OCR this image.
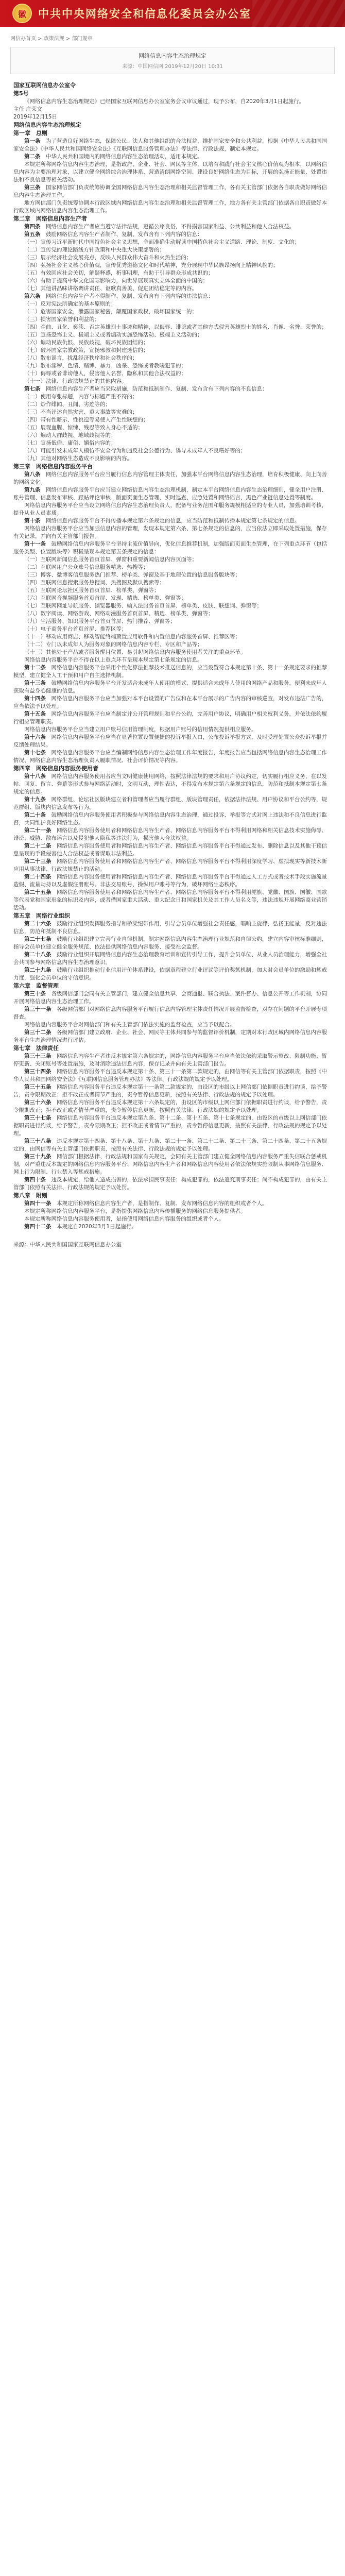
徽	中共中央网络安全和信息化委员会办公室
网信办首页 > 政策法规 > 部门规章
网络信息内容生态治理规定
来源：中国网信网 2019年12月20日 10:31

国家互联网信息办公室令

第5号

《网络信息内容生态治理规定》已经国家互联网信息办公室室务会议审议通过，现予公布，自2020年3月1日起施行。

主任 庄荣文

2019年12月15日

网络信息内容生态治理规定

第一章　总则

第一条　 为了营造良好网络生态，保障公民、法人和其他组织的合法权益，维护国家安全和公共利益，根据《中华人民共和国国家安全法》《中华人民共和国网络安全法》《互联网信息服务管理办法》等法律、行政法规，制定本规定。

第二条　 中华人民共和国境内的网络信息内容生态治理活动，适用本规定。

本规定所称网络信息内容生态治理，是指政府、企业、社会、网民等主体，以培育和践行社会主义核心价值观为根本，以网络信息内容为主要治理对象，以建立健全网络综合治理体系、营造清朗网络空间、建设良好网络生态为目标，开展的弘扬正能量、处置违法和不良信息等相关活动。

第三条　 国家网信部门负责统筹协调全国网络信息内容生态治理和相关监督管理工作，各有关主管部门依据各自职责做好网络信息内容生态治理工作。

地方网信部门负责统筹协调本行政区域内网络信息内容生态治理和相关监督管理工作，地方各有关主管部门依据各自职责做好本行政区域内网络信息内容生态治理工作。

第二章　网络信息内容生产者

第四条　 网络信息内容生产者应当遵守法律法规，遵循公序良俗，不得损害国家利益、公共利益和他人合法权益。

第五条　 鼓励网络信息内容生产者制作、复制、发布含有下列内容的信息：

（一）宣传习近平新时代中国特色社会主义思想，全面准确生动解读中国特色社会主义道路、理论、制度、文化的；

（二）宣传党的理论路线方针政策和中央重大决策部署的；

（三）展示经济社会发展亮点，反映人民群众伟大奋斗和火热生活的；

（四）弘扬社会主义核心价值观，宣传优秀道德文化和时代精神，充分展现中华民族昂扬向上精神风貌的；

（五）有效回应社会关切，解疑释惑，析事明理，有助于引导群众形成共识的；

（六）有助于提高中华文化国际影响力，向世界展现真实立体全面的中国的；

（七）其他讲品味讲格调讲责任、讴歌真善美、促进团结稳定等的内容。

第六条　 网络信息内容生产者不得制作、复制、发布含有下列内容的违法信息：

（一）反对宪法所确定的基本原则的；

（二）危害国家安全，泄露国家秘密，颠覆国家政权，破坏国家统一的；

（三）损害国家荣誉和利益的；

（四）歪曲、丑化、亵渎、否定英雄烈士事迹和精神，以侮辱、诽谤或者其他方式侵害英雄烈士的姓名、肖像、名誉、荣誉的；

（五）宣扬恐怖主义、极端主义或者煽动实施恐怖活动、极端主义活动的；

（六）煽动民族仇恨、民族歧视，破坏民族团结的；

（七）破坏国家宗教政策，宣扬邪教和封建迷信的；

（八）散布谣言，扰乱经济秩序和社会秩序的；

（九）散布淫秽、色情、赌博、暴力、凶杀、恐怖或者教唆犯罪的；

（十）侮辱或者诽谤他人，侵害他人名誉、隐私和其他合法权益的；

（十一）法律、行政法规禁止的其他内容。

第七条　 网络信息内容生产者应当采取措施，防范和抵制制作、复制、发布含有下列内容的不良信息：

（一）使用夸张标题，内容与标题严重不符的；

（二）炒作绯闻、丑闻、劣迹等的；

（三）不当评述自然灾害、重大事故等灾难的；

（四）带有性暗示、性挑逗等易使人产生性联想的；

（五）展现血腥、惊悚、残忍等致人身心不适的；

（六）煽动人群歧视、地域歧视等的；

（七）宣扬低俗、庸俗、媚俗内容的；

（八）可能引发未成年人模仿不安全行为和违反社会公德行为、诱导未成年人不良嗜好等的；

（九）其他对网络生态造成不良影响的内容。

第三章　网络信息内容服务平台

第八条　 网络信息内容服务平台应当履行信息内容管理主体责任，加强本平台网络信息内容生态治理，培育积极健康、向上向善的网络文化。

第九条　 网络信息内容服务平台应当建立网络信息内容生态治理机制，制定本平台网络信息内容生态治理细则，健全用户注册、账号管理、信息发布审核、跟帖评论审核、版面页面生态管理、实时巡查、应急处置和网络谣言、黑色产业链信息处置等制度。

网络信息内容服务平台应当设立网络信息内容生态治理负责人，配备与业务范围和服务规模相适应的专业人员，加强培训考核，提升从业人员素质。

第十条　 网络信息内容服务平台不得传播本规定第六条规定的信息，应当防范和抵制传播本规定第七条规定的信息。

网络信息内容服务平台应当加强信息内容的管理，发现本规定第六条、第七条规定的信息的，应当依法立即采取处置措施，保存有关记录，并向有关主管部门报告。

第十一条　 鼓励网络信息内容服务平台坚持主流价值导向，优化信息推荐机制，加强版面页面生态管理，在下列重点环节（包括服务类型、位置版块等）积极呈现本规定第五条规定的信息：

（一）互联网新闻信息服务首页首屏、弹窗和重要新闻信息内容页面等；

（二）互联网用户公众账号信息服务精选、热搜等；

（三）博客、微博客信息服务热门推荐、榜单类、弹窗及基于地理位置的信息服务版块等；

（四）互联网信息搜索服务热搜词、热搜图及默认搜索等；

（五）互联网论坛社区服务首页首屏、榜单类、弹窗等；

（六）互联网音视频服务首页首屏、发现、精选、榜单类、弹窗等；

（七）互联网网址导航服务、浏览器服务、输入法服务首页首屏、榜单类、皮肤、联想词、弹窗等；

（八）数字阅读、网络游戏、网络动漫服务首页首屏、精选、榜单类、弹窗等；

（九）生活服务、知识服务平台首页首屏、热门推荐、弹窗等；

（十）电子商务平台首页首屏、推荐区等；

（十一）移动应用商店、移动智能终端预置应用软件和内置信息内容服务首屏、推荐区等；

（十二）专门以未成年人为服务对象的网络信息内容专栏、专区和产品等；

（十三）其他处于产品或者服务醒目位置、易引起网络信息内容服务使用者关注的重点环节。

网络信息内容服务平台不得在以上重点环节呈现本规定第七条规定的信息。

第十二条　 网络信息内容服务平台采用个性化算法推荐技术推送信息的，应当设置符合本规定第十条、第十一条规定要求的推荐模型，建立健全人工干预和用户自主选择机制。

第十三条　 鼓励网络信息内容服务平台开发适合未成年人使用的模式，提供适合未成年人使用的网络产品和服务，便利未成年人获取有益身心健康的信息。

第十四条　 网络信息内容服务平台应当加强对本平台设置的广告位和在本平台展示的广告内容的审核巡查，对发布违法广告的，应当依法予以处理。

第十五条　 网络信息内容服务平台应当制定并公开管理规则和平台公约，完善用户协议，明确用户相关权利义务，并依法依约履行相应管理职责。

网络信息内容服务平台应当建立用户账号信用管理制度，根据用户账号的信用情况提供相应服务。

第十六条　 网络信息内容服务平台应当在显著位置设置便捷的投诉举报入口，公布投诉举报方式，及时受理处置公众投诉举报并反馈处理结果。

第十七条　 网络信息内容服务平台应当编制网络信息内容生态治理工作年度报告，年度报告应当包括网络信息内容生态治理工作情况、网络信息内容生态治理负责人履职情况、社会评价情况等内容。

第四章　网络信息内容服务使用者

第十八条　 网络信息内容服务使用者应当文明健康使用网络，按照法律法规的要求和用户协议约定，切实履行相应义务，在以发帖、回复、留言、弹幕等形式参与网络活动时，文明互动，理性表达，不得发布本规定第六条规定的信息，防范和抵制本规定第七条规定的信息。

第十九条　 网络群组、论坛社区版块建立者和管理者应当履行群组、版块管理责任，依据法律法规、用户协议和平台公约等，规范群组、版块内信息发布等行为。

第二十条　 鼓励网络信息内容服务使用者积极参与网络信息内容生态治理，通过投诉、举报等方式对网上违法和不良信息进行监督，共同维护良好网络生态。

第二十一条　 网络信息内容服务使用者和网络信息内容生产者、网络信息内容服务平台不得利用网络和相关信息技术实施侮辱、诽谤、威胁、散布谣言以及侵犯他人隐私等违法行为，损害他人合法权益。

第二十二条　 网络信息内容服务使用者和网络信息内容生产者、网络信息内容服务平台不得通过发布、删除信息以及其他干预信息呈现的手段侵害他人合法权益或者谋取非法利益。

第二十三条　 网络信息内容服务使用者和网络信息内容生产者、网络信息内容服务平台不得利用深度学习、虚拟现实等新技术新应用从事法律、行政法规禁止的活动。

第二十四条　 网络信息内容服务使用者和网络信息内容生产者、网络信息内容服务平台不得通过人工方式或者技术手段实施流量造假、流量劫持以及虚假注册账号、非法交易账号、操纵用户账号等行为，破坏网络生态秩序。

第二十五条　 网络信息内容服务使用者和网络信息内容生产者、网络信息内容服务平台不得利用党旗、党徽、国旗、国徽、国歌等代表党和国家形象的标识及内容，或者借国家重大活动、重大纪念日和国家机关及其工作人员名义等，违法违规开展网络商业营销活动。

第五章　网络行业组织

第二十六条　 鼓励行业组织发挥服务指导和桥梁纽带作用，引导会员单位增强社会责任感，唱响主旋律，弘扬正能量，反对违法信息，防范和抵制不良信息。

第二十七条　 鼓励行业组织建立完善行业自律机制，制定网络信息内容生态治理行业规范和自律公约，建立内容审核标准细则，指导会员单位建立健全服务规范、依法提供网络信息内容服务、接受社会监督。

第二十八条　 鼓励行业组织开展网络信息内容生态治理教育培训和宣传引导工作，提升会员单位、从业人员治理能力，增强全社会共同参与网络信息内容生态治理意识。

第二十九条　 鼓励行业组织推动行业信用评价体系建设，依据章程建立行业评议等评价奖惩机制，加大对会员单位的激励和惩戒力度，强化会员单位的守信意识。

第六章　监督管理

第三十条　 各级网信部门会同有关主管部门，建立健全信息共享、会商通报、联合执法、案件督办、信息公开等工作机制，协同开展网络信息内容生态治理工作。

第三十一条　 各级网信部门对网络信息内容服务平台履行信息内容管理主体责任情况开展监督检查，对存在问题的平台开展专项督查。

网络信息内容服务平台对网信部门和有关主管部门依法实施的监督检查，应当予以配合。

第三十二条　 各级网信部门建立政府、企业、社会、网民等主体共同参与的监督评价机制，定期对本行政区域内网络信息内容服务平台生态治理情况进行评估。

第七章　法律责任

第三十三条　 网络信息内容生产者违反本规定第六条规定的，网络信息内容服务平台应当依法依约采取警示整改、限制功能、暂停更新、关闭账号等处置措施，及时消除违法信息内容，保存记录并向有关主管部门报告。

第三十四条　 网络信息内容服务平台违反本规定第十条、第三十一条第二款规定的，由网信等有关主管部门依据职责，按照《中华人民共和国网络安全法》《互联网信息服务管理办法》等法律、行政法规的规定予以处理。

第三十五条　 网络信息内容服务平台违反本规定第十一条第二款规定的，由设区的市级以上网信部门依据职责进行约谈，给予警告，责令限期改正；拒不改正或者情节严重的，责令暂停信息更新，按照有关法律、行政法规的规定予以处理。

第三十六条　 网络信息内容服务平台违反本规定第十六条规定的，由设区的市级以上网信部门依据职责进行约谈，给予警告，责令限期改正；拒不改正或者情节严重的，责令暂停信息更新，按照有关法律、行政法规的规定予以处理。

第三十七条　 网络信息内容服务平台违反本规定第九条、第十二条、第十五条、第十七条规定的，由设区的市级以上网信部门依据职责进行约谈，给予警告，责令限期改正；拒不改正或者情节严重的，责令暂停信息更新，按照有关法律、行政法规的规定予以处理。

第三十八条　 违反本规定第十四条、第十八条、第十九条、第二十一条、第二十二条、第二十三条、第二十四条、第二十五条规定的，由网信等有关主管部门依据职责，按照有关法律、行政法规的规定予以处理。

第三十九条　 网信部门根据法律、行政法规和国家有关规定，会同有关主管部门建立健全网络信息内容服务严重失信联合惩戒机制，对严重违反本规定的网络信息内容服务平台、网络信息内容生产者和网络信息内容使用者依法依规实施限制从事网络信息服务、网上行为限制、行业禁入等惩戒措施。

第四十条　 违反本规定，给他人造成损害的，依法承担民事责任；构成犯罪的，依法追究刑事责任；尚不构成犯罪的，由有关主管部门依照有关法律、行政法规的规定予以处罚。

第八章　附则

第四十一条　 本规定所称网络信息内容生产者，是指制作、复制、发布网络信息内容的组织或者个人。

本规定所称网络信息内容服务平台，是指提供网络信息内容传播服务的网络信息服务提供者。

本规定所称网络信息内容服务使用者，是指使用网络信息内容服务的组织或者个人。

第四十二条　 本规定自2020年3月1日起施行。

来源：中华人民共和国国家互联网信息办公室
